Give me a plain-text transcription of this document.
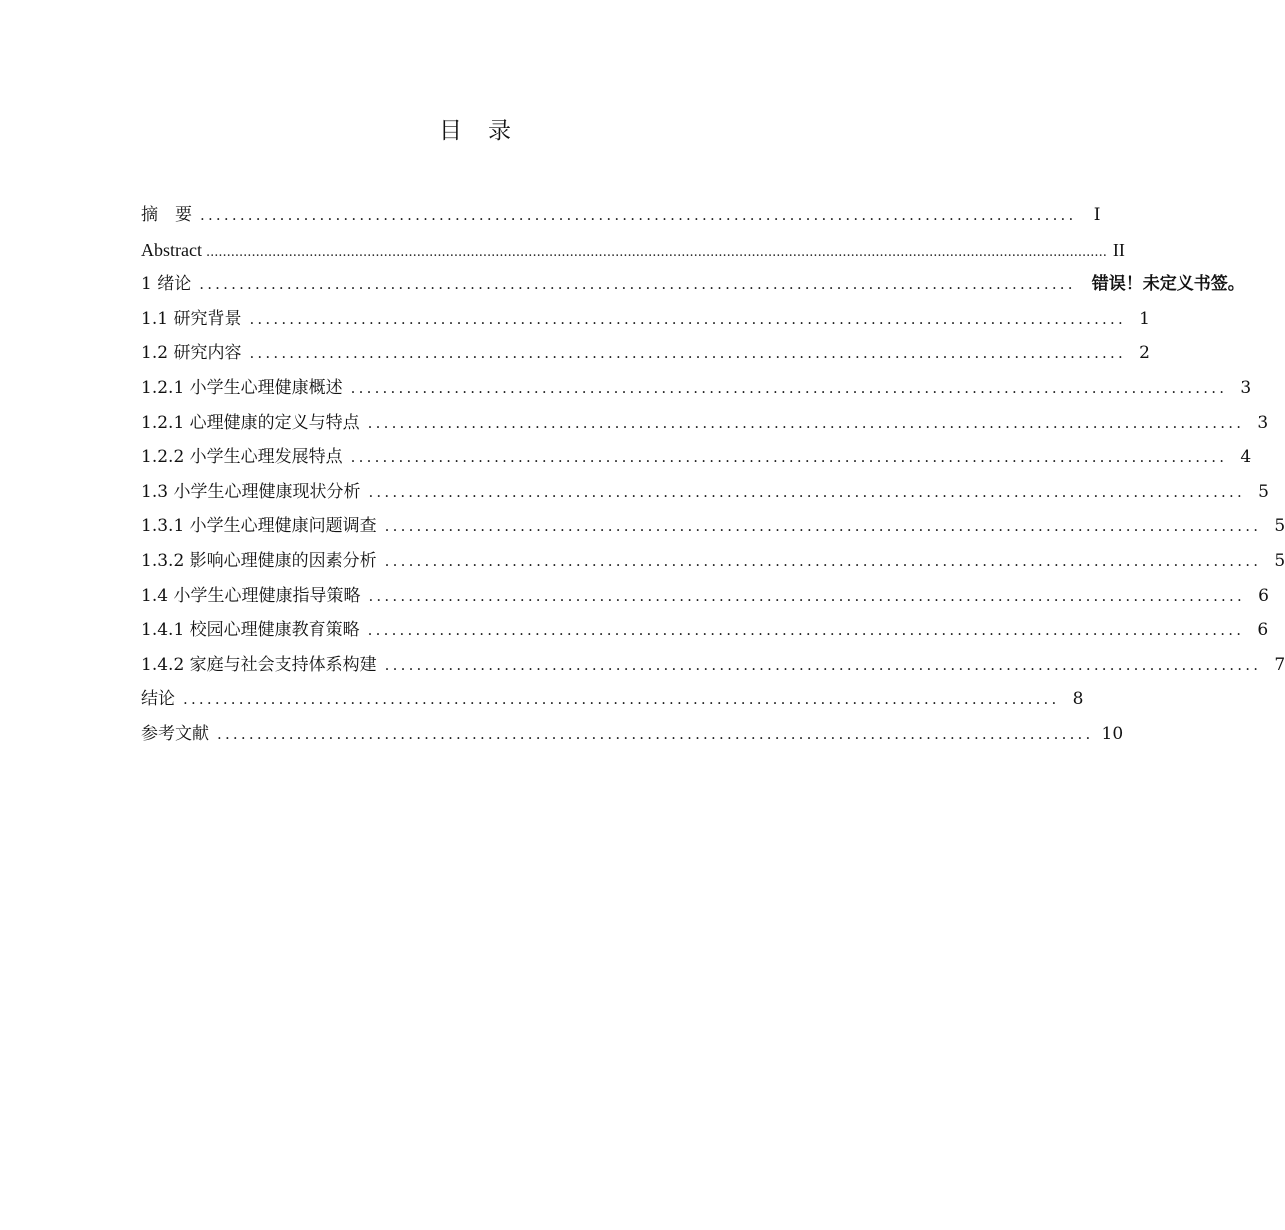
目 录
摘　要 ..............................................................................................................	I
Abstract .......................................................................................................................................................................................................................... II
1 绪论 .............................................................................................................. 错误！未定义书签。
1.1 研究背景 .............................................................................................................. 1
1.2 研究内容 .............................................................................................................. 2
1.2.1 小学生心理健康概述 .............................................................................................................. 3
1.2.1 心理健康的定义与特点 .............................................................................................................. 3
1.2.2 小学生心理发展特点 .............................................................................................................. 4
1.3 小学生心理健康现状分析 .............................................................................................................. 5
1.3.1 小学生心理健康问题调查 .............................................................................................................. 5
1.3.2 影响心理健康的因素分析 .............................................................................................................. 5
1.4 小学生心理健康指导策略 .............................................................................................................. 6
1.4.1 校园心理健康教育策略 .............................................................................................................. 6
1.4.2 家庭与社会支持体系构建 .............................................................................................................. 7
结论 .............................................................................................................. 8
参考文献 .............................................................................................................. 10
